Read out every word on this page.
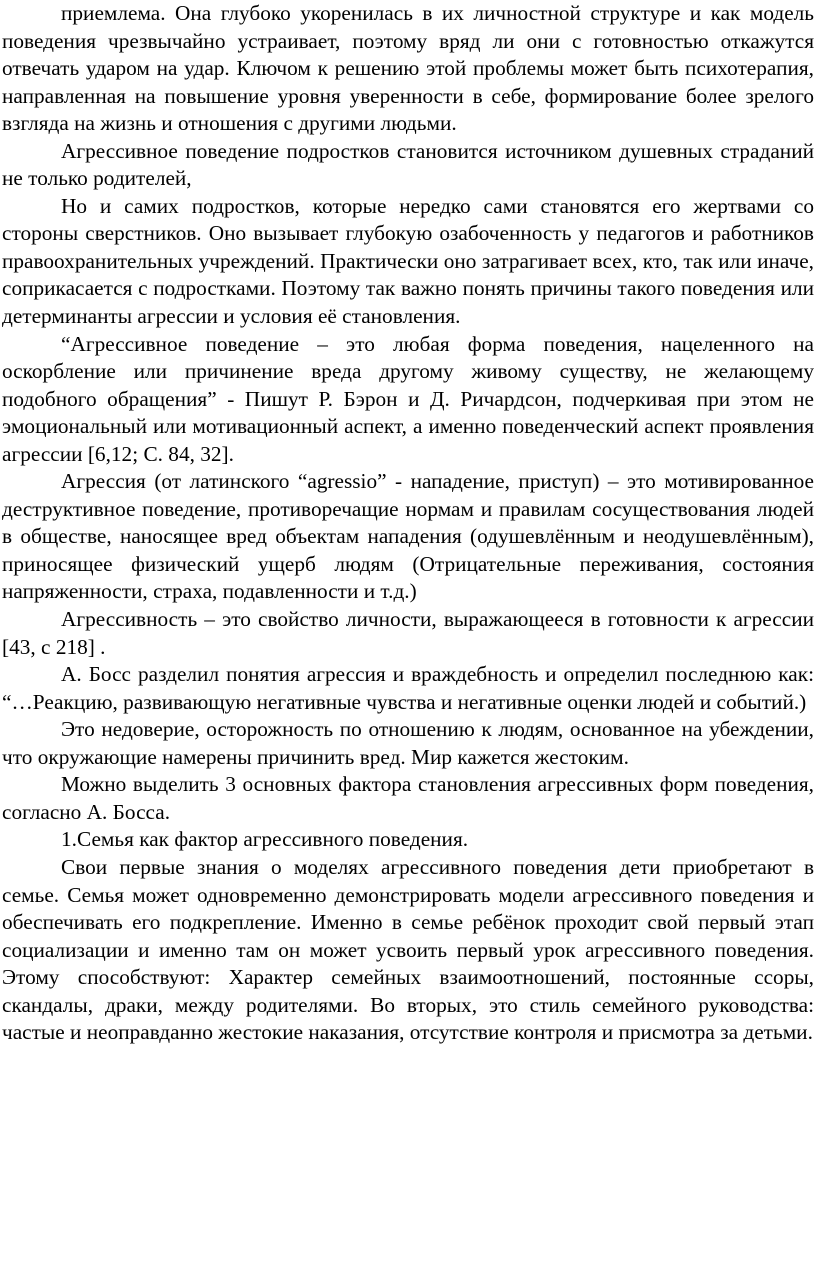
приемлема. Она глубоко укоренилась в их личностной структуре и как модель поведения чрезвычайно устраивает, поэтому вряд ли они с готовностью откажутся отвечать ударом на удар. Ключом к решению этой проблемы может быть психотерапия, направленная на повышение уровня уверенности в себе, формирование более зрелого взгляда на жизнь и отношения с другими людьми.

Агрессивное поведение подростков становится источником душевных страданий не только родителей,

Но и самих подростков, которые нередко сами становятся его жертвами со стороны сверстников. Оно вызывает глубокую озабоченность у педагогов и работников правоохранительных учреждений. Практически оно затрагивает всех, кто, так или иначе, соприкасается с подростками. Поэтому так важно понять причины такого поведения или детерминанты агрессии и условия её становления.

“Агрессивное поведение – это любая форма поведения, нацеленного на оскорбление или причинение вреда другому живому существу, не желающему подобного обращения” - Пишут Р. Бэрон и Д. Ричардсон, подчеркивая при этом не эмоциональный или мотивационный аспект, а именно поведенческий аспект проявления агрессии [6,12; С. 84, 32].

Агрессия (от латинского “agressio” - нападение, приступ) – это мотивированное деструктивное поведение, противоречащие нормам и правилам сосуществования людей в обществе, наносящее вред объектам нападения (одушевлённым и неодушевлённым), приносящее физический ущерб людям (Отрицательные переживания, состояния напряженности, страха, подавленности и т.д.)

Агрессивность – это свойство личности, выражающееся в готовности к агрессии [43, с 218] .

А. Босс разделил понятия агрессия и враждебность и определил последнюю как: “…Реакцию, развивающую негативные чувства и негативные оценки людей и событий.)

Это недоверие, осторожность по отношению к людям, основанное на убеждении, что окружающие намерены причинить вред. Мир кажется жестоким.

Можно выделить 3 основных фактора становления агрессивных форм поведения, согласно А. Босса.

1.Семья как фактор агрессивного поведения.

Свои первые знания о моделях агрессивного поведения дети приобретают в семье. Семья может одновременно демонстрировать модели агрессивного поведения и обеспечивать его подкрепление. Именно в семье ребёнок проходит свой первый этап социализации и именно там он может усвоить первый урок агрессивного поведения. Этому способствуют: Характер семейных взаимоотношений, постоянные ссоры, скандалы, драки, между родителями. Во вторых, это стиль семейного руководства: частые и неоправданно жестокие наказания, отсутствие контроля и присмотра за детьми.
